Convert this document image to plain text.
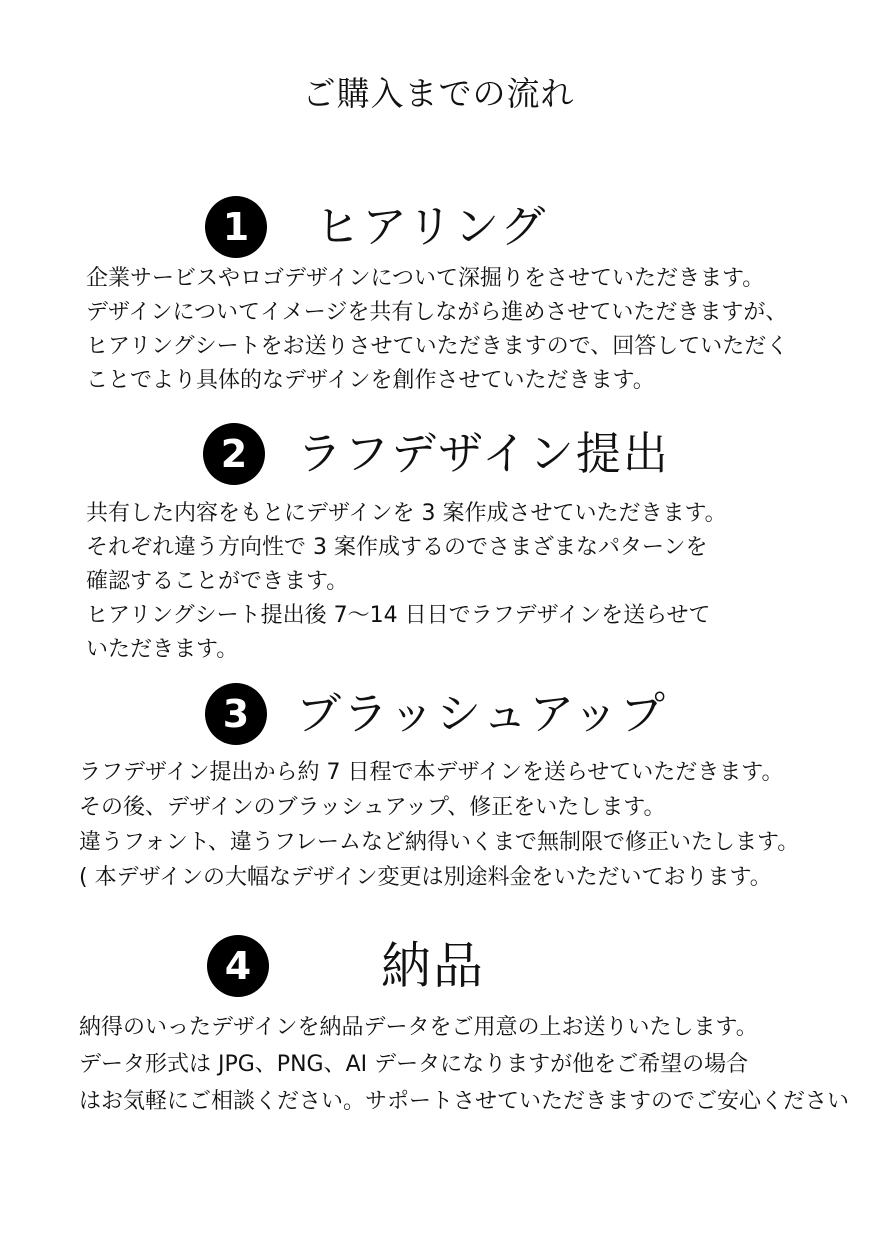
ご購入までの流れ
1	ヒアリング
企業サービスやロゴデザインについて深掘りをさせていただきます。
デザインについてイメージを共有しながら進めさせていただきますが、
ヒアリングシートをお送りさせていただきますので、回答していただく
ことでより具体的なデザインを創作させていただきます。
2	ラフデザイン提出
共有した内容をもとにデザインを 3 案作成させていただきます。
それぞれ違う方向性で 3 案作成するのでさまざまなパターンを
確認することができます。
ヒアリングシート提出後 7〜14 日日でラフデザインを送らせて
いただきます。
3	ブラッシュアップ
ラフデザイン提出から約 7 日程で本デザインを送らせていただきます。
その後、デザインのブラッシュアップ、修正をいたします。
違うフォント、違うフレームなど納得いくまで無制限で修正いたします。
( 本デザインの大幅なデザイン変更は別途料金をいただいております。
4	納品
納得のいったデザインを納品データをご用意の上お送りいたします。
データ形式は JPG、PNG、AI データになりますが他をご希望の場合
はお気軽にご相談ください。サポートさせていただきますのでご安心ください
